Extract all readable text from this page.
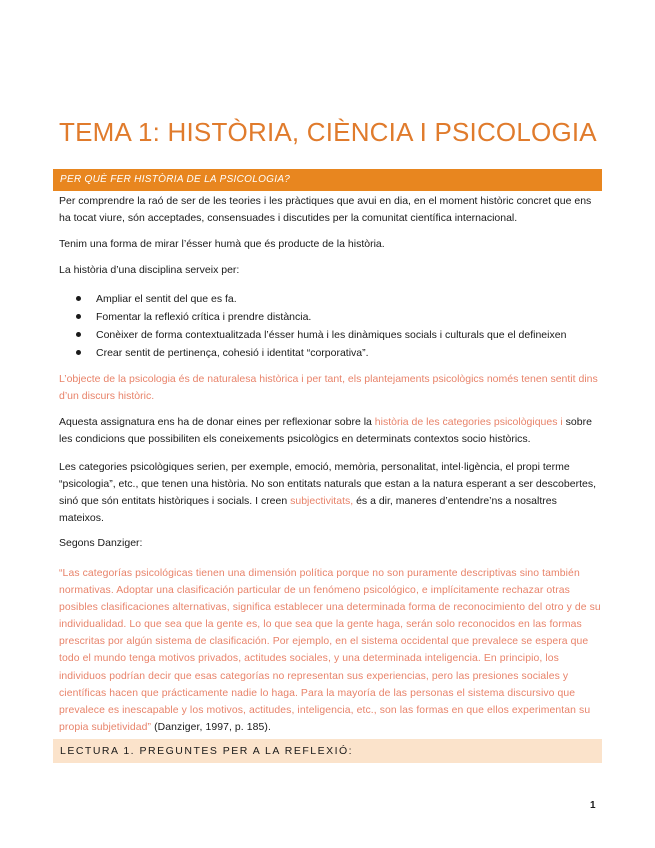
TEMA 1: HISTÒRIA, CIÈNCIA I PSICOLOGIA
PER QUÈ FER HISTÒRIA DE LA PSICOLOGIA?

Per comprendre la raó de ser de les teories i les pràctiques que avui en dia, en el moment històric concret que ens ha tocat viure, són acceptades, consensuades i discutides per la comunitat científica internacional.

Tenim una forma de mirar l’ésser humà que és producte de la història.

La història d’una disciplina serveix per:

Ampliar el sentit del que es fa.
Fomentar la reflexió crítica i prendre distància.
Conèixer de forma contextualitzada l’ésser humà i les dinàmiques socials i culturals que el defineixen
Crear sentit de pertinença, cohesió i identitat “corporativa”.

L’objecte de la psicologia és de naturalesa històrica i per tant, els plantejaments psicològics només tenen sentit dins d’un discurs històric.

Aquesta assignatura ens ha de donar eines per reflexionar sobre la història de les categories psicològiques i sobre les condicions que possibiliten els coneixements psicològics en determinats contextos socio històrics.

Les categories psicològiques serien, per exemple, emoció, memòria, personalitat, intel·ligència, el propi terme “psicologia”, etc., que tenen una història. No son entitats naturals que estan a la natura esperant a ser descobertes, sinó que són entitats històriques i socials. I creen subjectivitats, és a dir, maneres d’entendre’ns a nosaltres mateixos.

Segons Danziger:

“Las categorías psicológicas tienen una dimensión política porque no son puramente descriptivas sino también normativas. Adoptar una clasificación particular de un fenómeno psicológico, e implícitamente rechazar otras posibles clasificaciones alternativas, significa establecer una determinada forma de reconocimiento del otro y de su individualidad. Lo que sea que la gente es, lo que sea que la gente haga, serán solo reconocidos en las formas prescritas por algún sistema de clasificación. Por ejemplo, en el sistema occidental que prevalece se espera que todo el mundo tenga motivos privados, actitudes sociales, y una determinada inteligencia. En principio, los individuos podrían decir que esas categorías no representan sus experiencias, pero las presiones sociales y científicas hacen que prácticamente nadie lo haga. Para la mayoría de las personas el sistema discursivo que prevalece es inescapable y los motivos, actitudes, inteligencia, etc., son las formas en que ellos experimentan su propia subjetividad” (Danziger, 1997, p. 185).

LECTURA 1. PREGUNTES PER A LA REFLEXIÓ:
1
